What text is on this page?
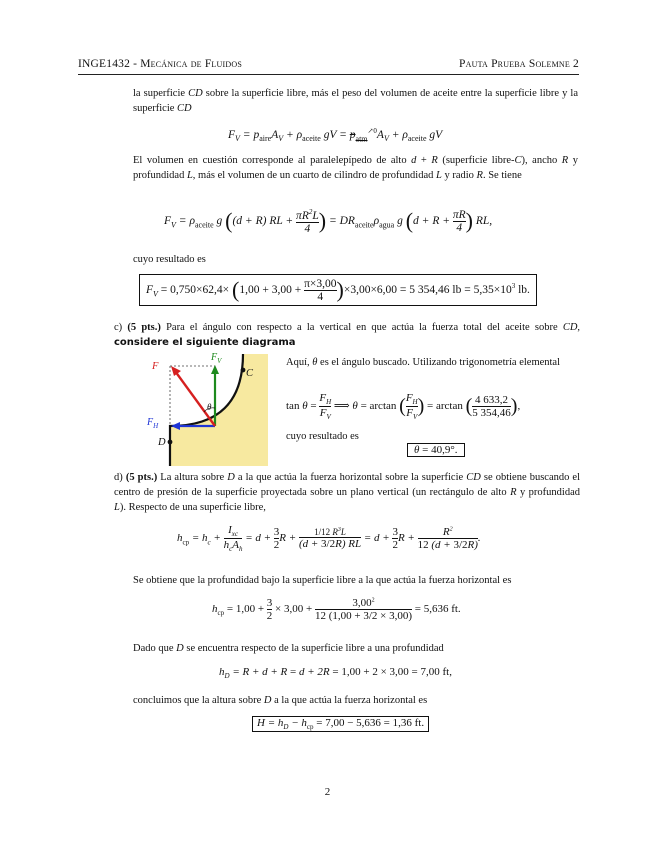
INGE1432 - Mecánica de Fluidos	Pauta Prueba Solemne 2
la superficie CD sobre la superficie libre, más el peso del volumen de aceite entre la superficie libre y la superficie CD
$F_V = p_{aire}A_V + \rho_{aceite}$ gV = $p_{atm}^{↗0}A_V + \rho_{aceite}$ gV
El volumen en cuestión corresponde al paralelepípedo de alto d + R (superficie libre-C), ancho R y profundidad L, más el volumen de un cuarto de cilindro de profundidad L y radio R. Se tiene
$F_V = \rho_{aceite}$ g ((d + R) RL + $\frac{\pi R^2L}{4}$ ) = $DR_{aceite}\rho_{agua}$ g ($d + R + \frac{\pi R}{4}$ ) RL,
cuyo resultado es
$F_V = 0,750\times 62,4\times (1,00 + 3,00 + \frac{\pi\times 3,00}{4} )\times 3,00\times 6,00 = 5$ 354,46 lb = $5,35\times 10^3$ lb.
c) (5 pts.) Para el ángulo con respecto a la vertical en que actúa la fuerza total del aceite sobre CD, considere el siguiente diagrama
F
$F_V$
$F_H$
θ
C
D
Aquí, θ es el ángulo buscado. Utilizando trigonometría elemental
$\tan \theta = \frac{F_H}{F_V}$ ⟹ θ = arctan ( $\frac{F_H}{F_V}$ ) = arctan ( $\frac{4 633,2}{5 354,46}$ ),
cuyo resultado es
θ = 40,9°.
d) (5 pts.) La altura sobre D a la que actúa la fuerza horizontal sobre la superficie CD se obtiene buscando el centro de presión de la superficie proyectada sobre un plano vertical (un rectángulo de alto R y profundidad L). Respecto de una superficie libre,
$h_{cp} = h_c$ +
$I_{xc}$
$h_cA_h$
= $d + \frac{3}{2}$ R +
1/12 $R^3L$
(d + 3/2R) RL = $d + \frac{3}{2}$ $R + \frac{R^2}{12 (d + 3/2R)}$ .
Se obtiene que la profundidad bajo la superficie libre a la que actúa la fuerza horizontal es
$h_{cp} = 1,00 + \frac{3}{2} \times 3,00 + \frac{3,00^2}{12 (1,00 + 3/2 \times 3,00)} = 5,636$ ft.
Dado que D se encuentra respecto de la superficie libre a una profundidad
$h_D = R + d + R = d + 2R = 1,00 + 2 \times 3,00 = 7,00$ ft,
concluimos que la altura sobre D a la que actúa la fuerza horizontal es
$H = h_D - h_{cp} = 7,00 - 5,636 = 1,36$ ft.
2
